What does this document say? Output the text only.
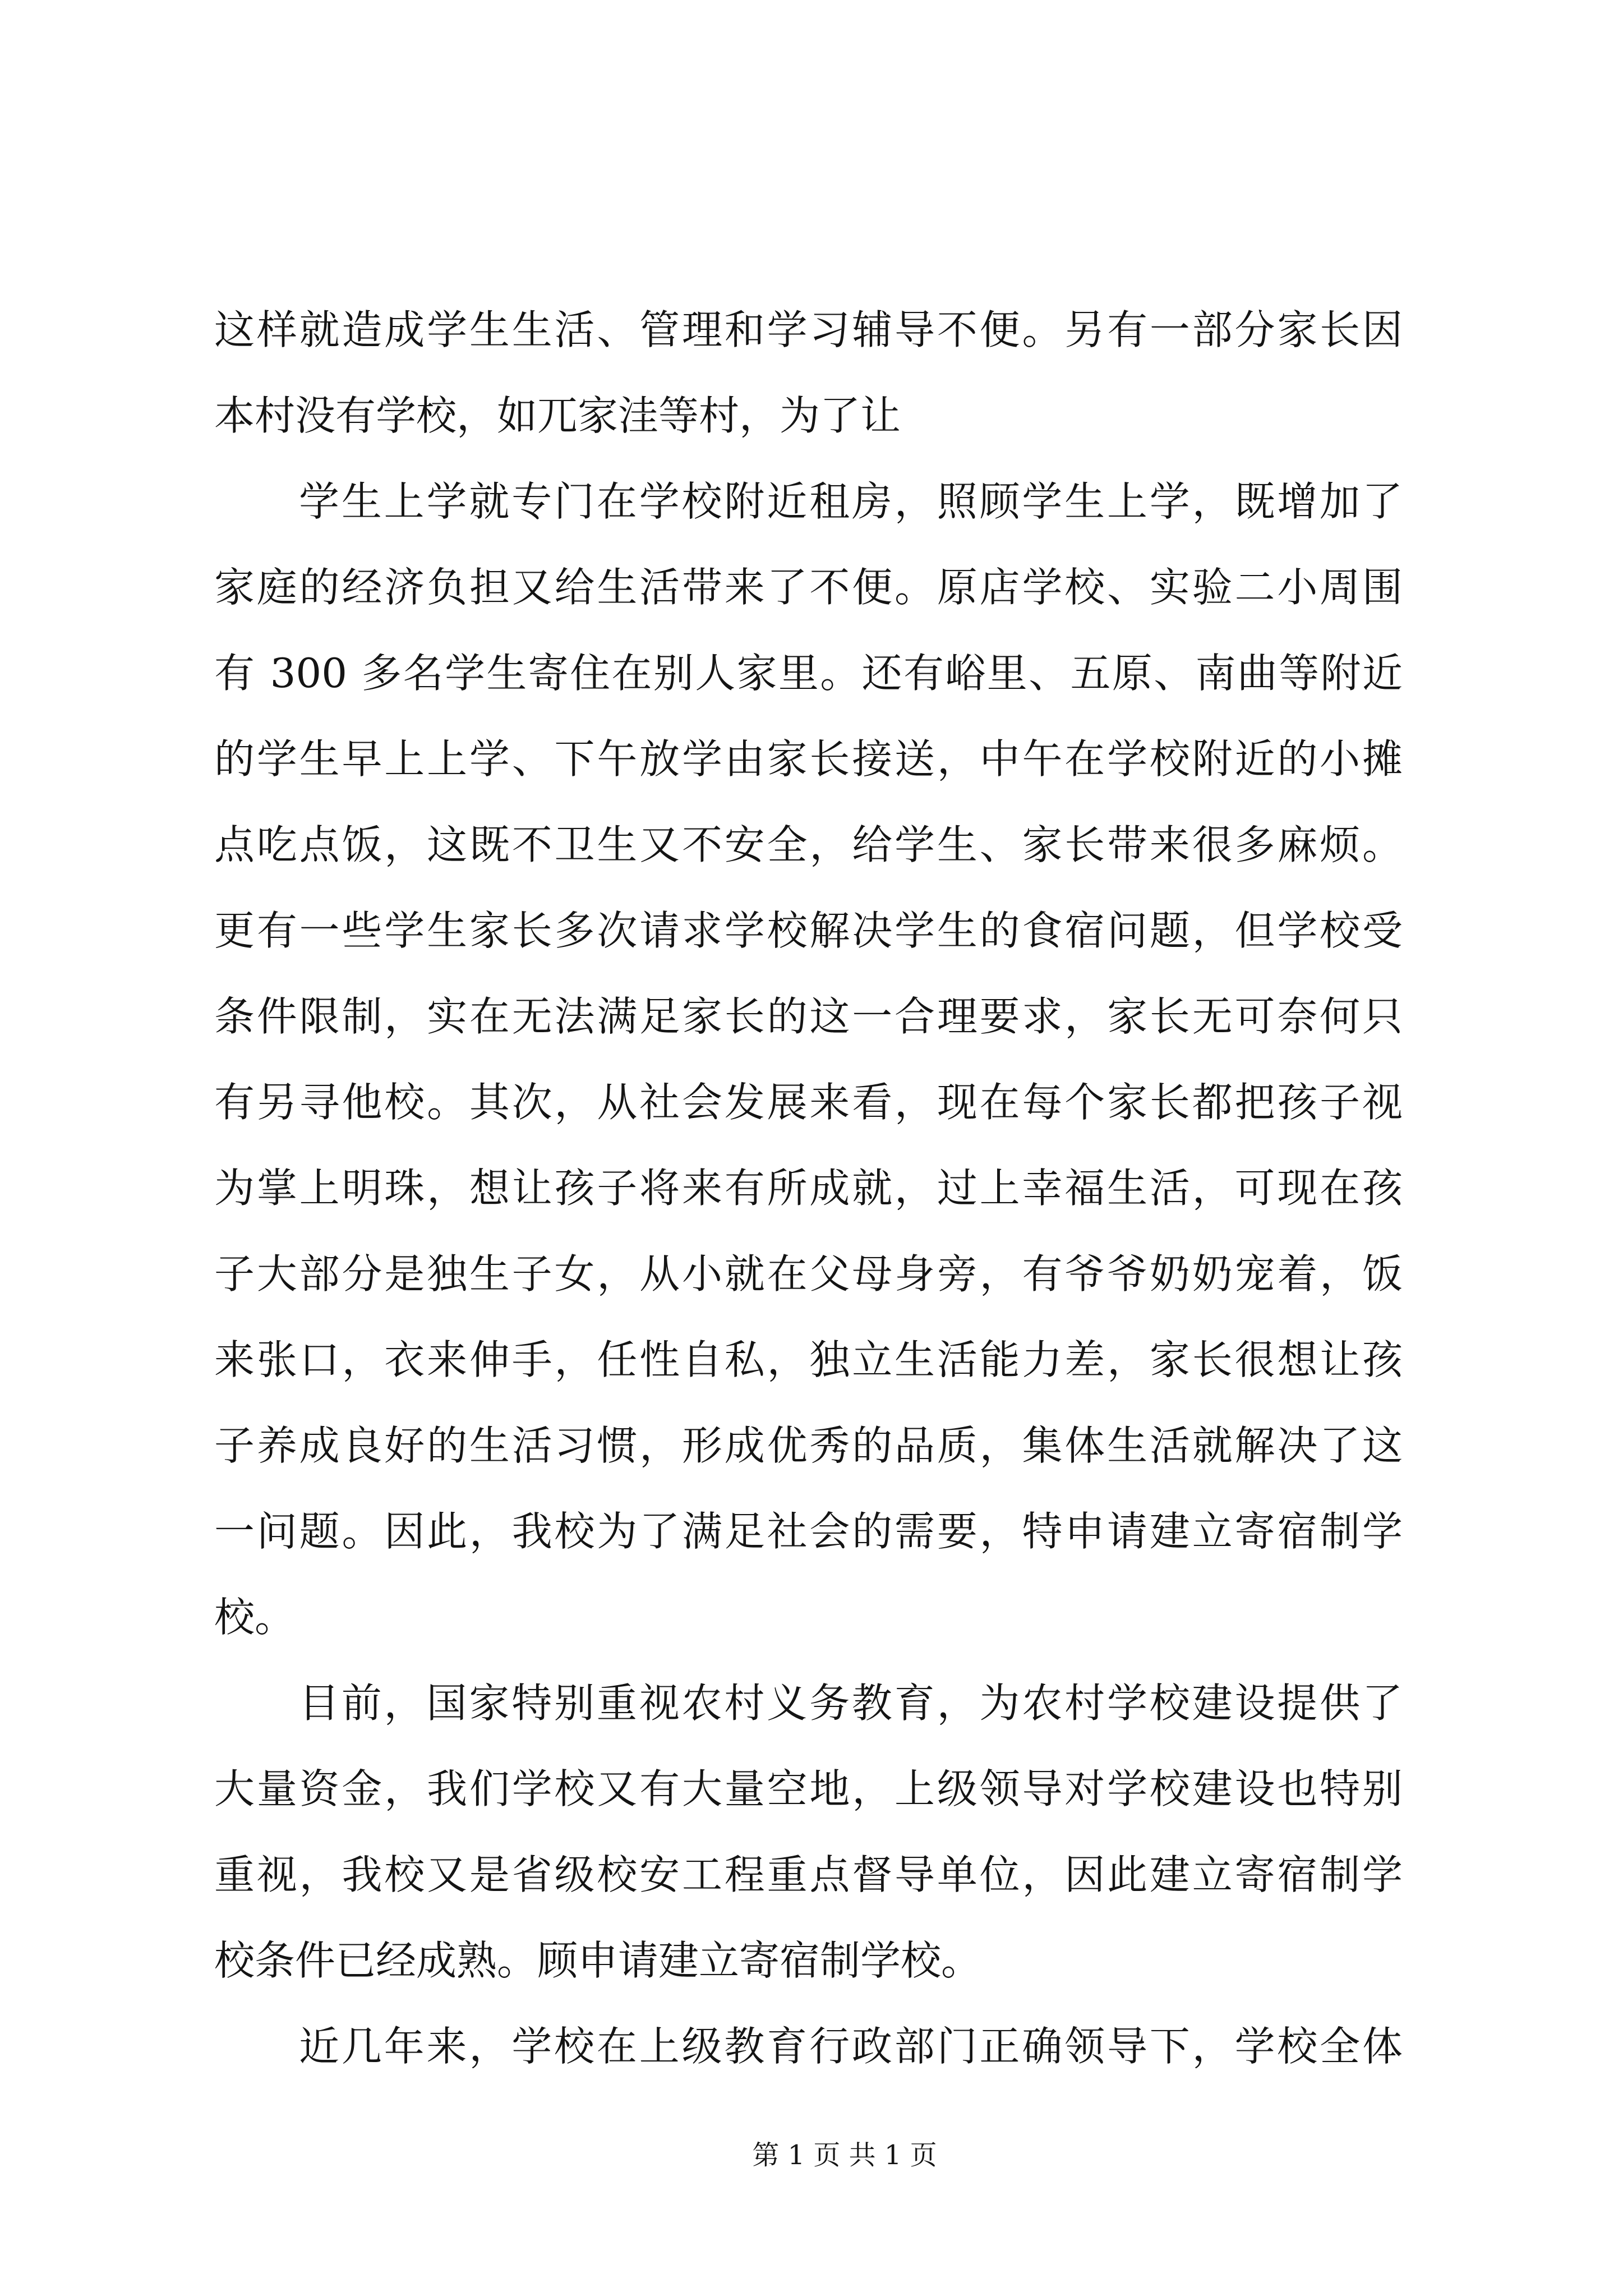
这样就造成学生生活、管理和学习辅导不便。另有一部分家长因
本村没有学校，如兀家洼等村，为了让
学生上学就专门在学校附近租房，照顾学生上学，既增加了
家庭的经济负担又给生活带来了不便。原店学校、实验二小周围
有 300 多名学生寄住在别人家里。还有峪里、五原、南曲等附近
的学生早上上学、下午放学由家长接送，中午在学校附近的小摊
点吃点饭，这既不卫生又不安全，给学生、家长带来很多麻烦。
更有一些学生家长多次请求学校解决学生的食宿问题，但学校受
条件限制，实在无法满足家长的这一合理要求，家长无可奈何只
有另寻他校。其次，从社会发展来看，现在每个家长都把孩子视
为掌上明珠，想让孩子将来有所成就，过上幸福生活，可现在孩
子大部分是独生子女，从小就在父母身旁，有爷爷奶奶宠着，饭
来张口，衣来伸手，任性自私，独立生活能力差，家长很想让孩
子养成良好的生活习惯，形成优秀的品质，集体生活就解决了这
一问题。因此，我校为了满足社会的需要，特申请建立寄宿制学
校。
目前，国家特别重视农村义务教育，为农村学校建设提供了
大量资金，我们学校又有大量空地，上级领导对学校建设也特别
重视，我校又是省级校安工程重点督导单位，因此建立寄宿制学
校条件已经成熟。顾申请建立寄宿制学校。
近几年来，学校在上级教育行政部门正确领导下，学校全体
第 1 页 共 1 页
